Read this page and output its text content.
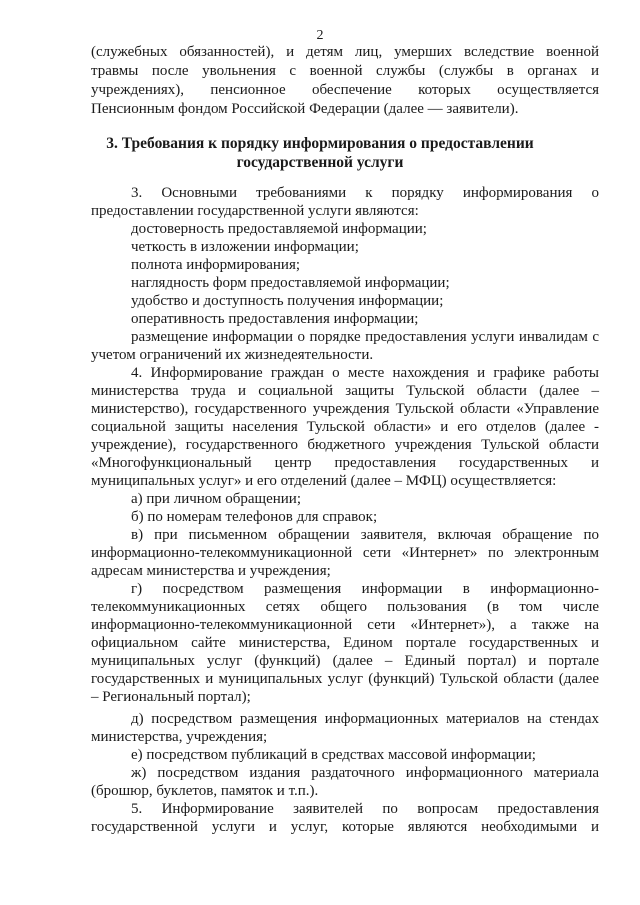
2
(служебных обязанностей), и детям лиц, умерших вследствие военной
травмы после увольнения с военной службы (службы в органах и
учреждениях), пенсионное обеспечение которых осуществляется
Пенсионным фондом Российской Федерации (далее — заявители).
3. Требования к порядку информирования о предоставлении
государственной услуги
3. Основными требованиями к порядку информирования о
предоставлении государственной услуги являются:
достоверность предоставляемой информации;
четкость в изложении информации;
полнота информирования;
наглядность форм предоставляемой информации;
удобство и доступность получения информации;
оперативность предоставления информации;
размещение информации о порядке предоставления услуги инвалидам с
учетом ограничений их жизнедеятельности.
4. Информирование граждан о месте нахождения и графике работы
министерства труда и социальной защиты Тульской области (далее –
министерство), государственного учреждения Тульской области «Управление
социальной защиты населения Тульской области» и его отделов (далее -
учреждение), государственного бюджетного учреждения Тульской области
«Многофункциональный центр предоставления государственных и
муниципальных услуг» и его отделений (далее – МФЦ) осуществляется:
а) при личном обращении;
б) по номерам телефонов для справок;
в) при письменном обращении заявителя, включая обращение по
информационно-телекоммуникационной сети «Интернет» по электронным
адресам министерства и учреждения;
г) посредством размещения информации в информационно-
телекоммуникационных сетях общего пользования (в том числе
информационно-телекоммуникационной сети «Интернет»), а также на
официальном сайте министерства, Едином портале государственных и
муниципальных услуг (функций) (далее – Единый портал) и портале
государственных и муниципальных услуг (функций) Тульской области (далее
– Региональный портал);
д) посредством размещения информационных материалов на стендах
министерства, учреждения;
е) посредством публикаций в средствах массовой информации;
ж) посредством издания раздаточного информационного материала
(брошюр, буклетов, памяток и т.п.).
5. Информирование заявителей по вопросам предоставления
государственной услуги и услуг, которые являются необходимыми и
